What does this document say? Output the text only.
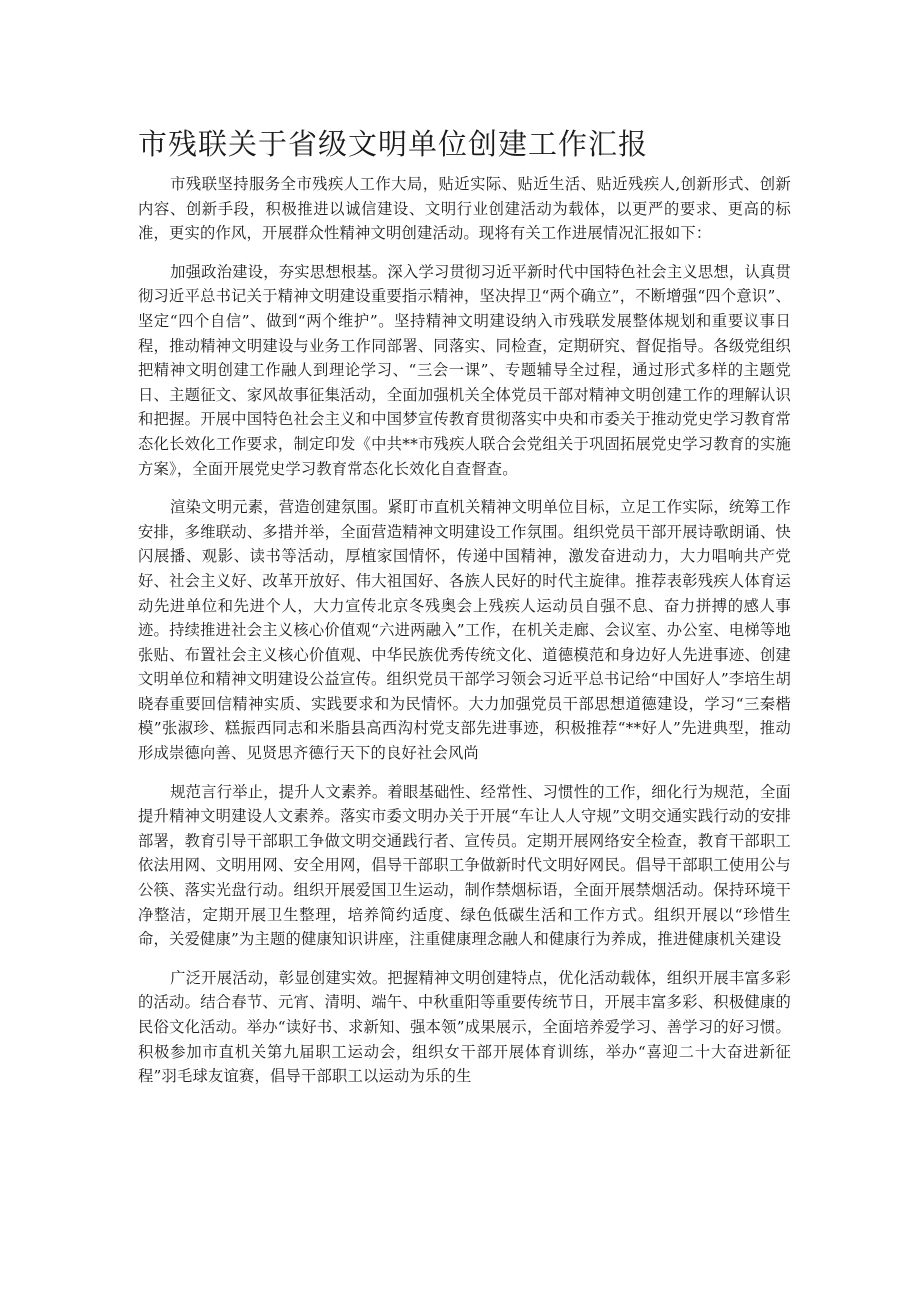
市残联关于省级文明单位创建工作汇报

市残联坚持服务全市残疾人工作大局，贴近实际、贴近生活、贴近残疾人,创新形式、创新内容、创新手段，积极推进以诚信建设、文明行业创建活动为载体，以更严的要求、更高的标准，更实的作风，开展群众性精神文明创建活动。现将有关工作进展情况汇报如下：

加强政治建设，夯实思想根基。深入学习贯彻习近平新时代中国特色社会主义思想，认真贯彻习近平总书记关于精神文明建设重要指示精神，坚决捍卫“两个确立”，不断增强“四个意识”、坚定“四个自信”、做到“两个维护”。坚持精神文明建设纳入市残联发展整体规划和重要议事日程，推动精神文明建设与业务工作同部署、同落实、同检查，定期研究、督促指导。各级党组织把精神文明创建工作融人到理论学习、“三会一课”、专题辅导全过程，通过形式多样的主题党日、主题征文、家风故事征集活动，全面加强机关全体党员干部对精神文明创建工作的理解认识和把握。开展中国特色社会主义和中国梦宣传教育贯彻落实中央和市委关于推动党史学习教育常态化长效化工作要求，制定印发《中共**市残疾人联合会党组关于巩固拓展党史学习教育的实施方案》，全面开展党史学习教育常态化长效化自查督查。

渲染文明元素，营造创建氛围。紧盯市直机关精神文明单位目标，立足工作实际，统筹工作安排，多维联动、多措并举，全面营造精神文明建设工作氛围。组织党员干部开展诗歌朗诵、快闪展播、观影、读书等活动，厚植家国情怀，传递中国精神，激发奋进动力，大力唱响共产党好、社会主义好、改革开放好、伟大祖国好、各族人民好的时代主旋律。推荐表彰残疾人体育运动先进单位和先进个人，大力宣传北京冬残奥会上残疾人运动员自强不息、奋力拼搏的感人事迹。持续推进社会主义核心价值观“六进两融入”工作，在机关走廊、会议室、办公室、电梯等地张贴、布置社会主义核心价值观、中华民族优秀传统文化、道德模范和身边好人先进事迹、创建文明单位和精神文明建设公益宣传。组织党员干部学习领会习近平总书记给“中国好人”李培生胡晓春重要回信精神实质、实践要求和为民情怀。大力加强党员干部思想道德建设，学习“三秦楷模”张淑珍、糕振西同志和米脂县高西沟村党支部先进事迹，积极推荐“**好人”先进典型，推动形成崇德向善、见贤思齐德行天下的良好社会风尚

规范言行举止，提升人文素养。着眼基础性、经常性、习惯性的工作，细化行为规范，全面提升精神文明建设人文素养。落实市委文明办关于开展“车让人人守规”文明交通实践行动的安排部署，教育引导干部职工争做文明交通践行者、宣传员。定期开展网络安全检查，教育干部职工依法用网、文明用网、安全用网，倡导干部职工争做新时代文明好网民。倡导干部职工使用公与公筷、落实光盘行动。组织开展爱国卫生运动，制作禁烟标语，全面开展禁烟活动。保持环境干净整洁，定期开展卫生整理，培养简约适度、绿色低碳生活和工作方式。组织开展以“珍惜生命，关爱健康”为主题的健康知识讲座，注重健康理念融人和健康行为养成，推进健康机关建设

广泛开展活动，彰显创建实效。把握精神文明创建特点，优化活动载体，组织开展丰富多彩的活动。结合春节、元宵、清明、端午、中秋重阳等重要传统节日，开展丰富多彩、积极健康的民俗文化活动。举办“读好书、求新知、强本领”成果展示，全面培养爱学习、善学习的好习惯。积极参加市直机关第九届职工运动会，组织女干部开展体育训练，举办“喜迎二十大奋进新征程”羽毛球友谊赛，倡导干部职工以运动为乐的生
